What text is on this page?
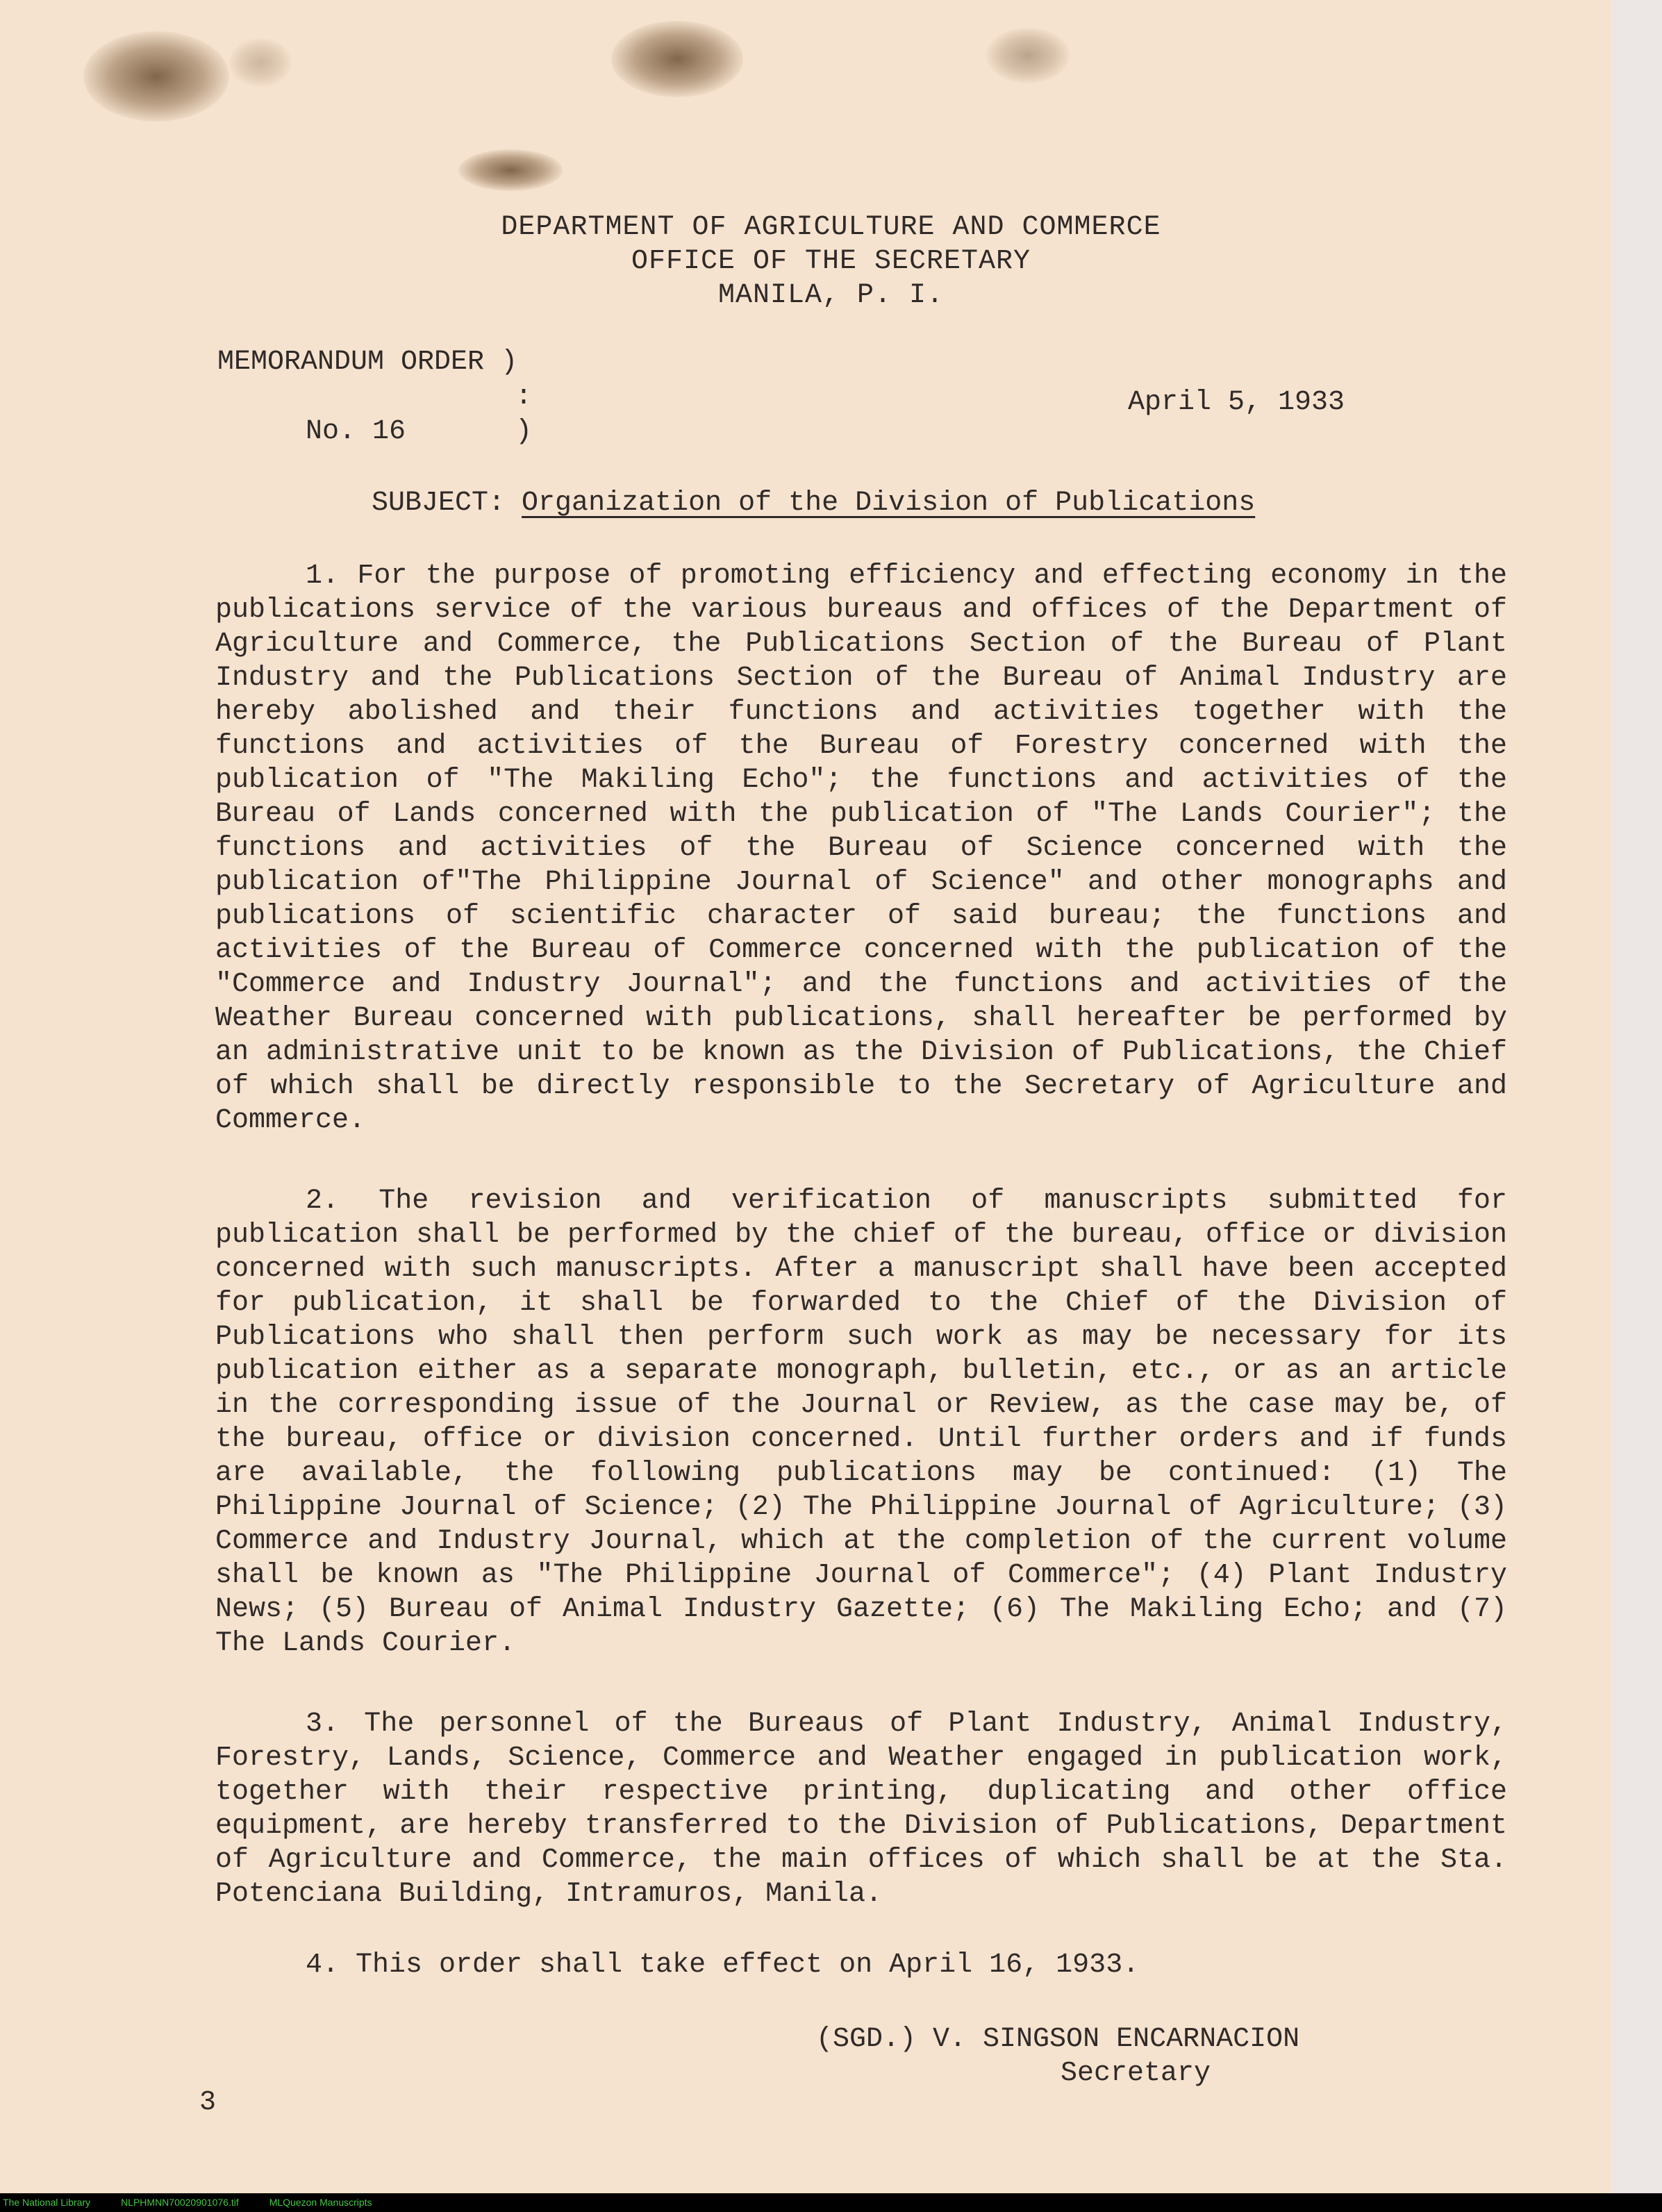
DEPARTMENT OF AGRICULTURE AND COMMERCE
OFFICE OF THE SECRETARY
MANILA, P. I.
MEMORANDUM ORDER )
:
No. 16	)
April 5, 1933
SUBJECT: Organization of the Division of Publications

1. For the purpose of promoting efficiency and effecting economy in the publications service of the various bureaus and offices of the Department of Agriculture and Commerce, the Publications Section of the Bureau of Plant Industry and the Publications Section of the Bureau of Animal Industry are hereby abolished and their functions and activities together with the functions and activities of the Bureau of Forestry concerned with the publication of "The Makiling Echo"; the functions and activities of the Bureau of Lands concerned with the publication of "The Lands Courier"; the functions and activities of the Bureau of Science concerned with the publication of"The Philippine Journal of Science" and other monographs and publications of scientific character of said bureau; the functions and activities of the Bureau of Commerce concerned with the publication of the "Commerce and Industry Journal"; and the functions and activities of the Weather Bureau concerned with publications, shall hereafter be performed by an administrative unit to be known as the Division of Publications, the Chief of which shall be directly responsible to the Secretary of Agriculture and Commerce.

2. The revision and verification of manuscripts submitted for publication shall be performed by the chief of the bureau, office or division concerned with such manuscripts. After a manuscript shall have been accepted for publication, it shall be forwarded to the Chief of the Division of Publications who shall then perform such work as may be necessary for its publication either as a separate monograph, bulletin, etc., or as an article in the corresponding issue of the Journal or Review, as the case may be, of the bureau, office or division concerned. Until further orders and if funds are available, the following publications may be continued: (1) The Philippine Journal of Science; (2) The Philippine Journal of Agriculture; (3) Commerce and Industry Journal, which at the completion of the current volume shall be known as "The Philippine Journal of Commerce"; (4) Plant Industry News; (5) Bureau of Animal Industry Gazette; (6) The Makiling Echo; and (7) The Lands Courier.

3. The personnel of the Bureaus of Plant Industry, Animal Industry, Forestry, Lands, Science, Commerce and Weather engaged in publication work, together with their respective printing, duplicating and other office equipment, are hereby transferred to the Division of Publications, Department of Agriculture and Commerce, the main offices of which shall be at the Sta. Potenciana Building, Intramuros, Manila.

4. This order shall take effect on April 16, 1933.

(SGD.) V. SINGSON ENCARNACION
Secretary
3
The National Library	NLPHMNN70020901076.tif	MLQuezon Manuscripts
